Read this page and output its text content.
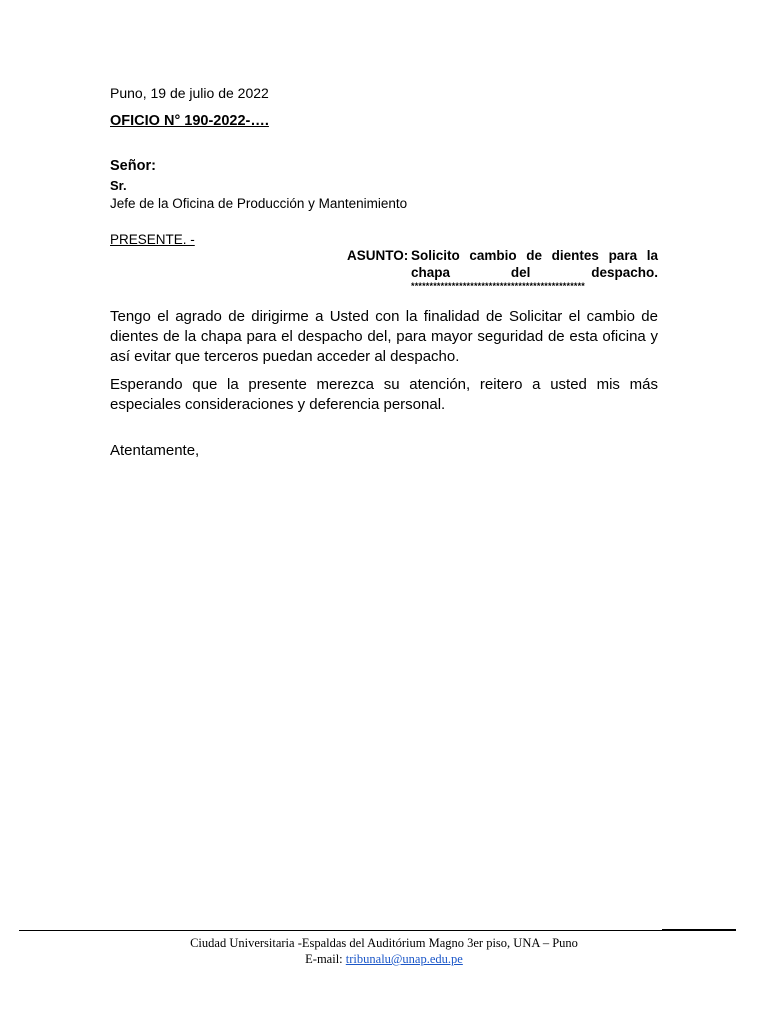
Puno, 19 de julio de 2022
OFICIO N° 190-2022-….
Señor:
Sr.
Jefe de la Oficina de Producción y Mantenimiento
PRESENTE. -
ASUNTO: Solicito cambio de dientes para la
chapa	del	despacho.
***********************************************
Tengo el agrado de dirigirme a Usted con la finalidad de Solicitar el cambio de dientes de la chapa para el despacho del, para mayor seguridad de esta oficina y así evitar que terceros puedan acceder al despacho.
Esperando que la presente merezca su atención, reitero a usted mis más especiales consideraciones y deferencia personal.
Atentamente,
Ciudad Universitaria -Espaldas del Auditórium Magno 3er piso, UNA – Puno
E-mail: tribunalu@unap.edu.pe
